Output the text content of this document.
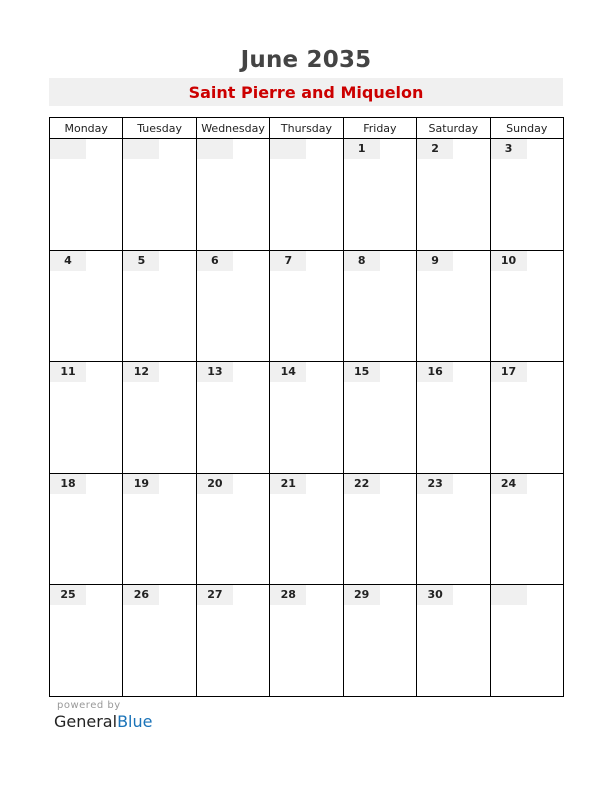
June 2035
Saint Pierre and Miquelon
Monday	Tuesday	Wednesday	Thursday	Friday	Saturday	Sunday

				1	2	3

4	5	6	7	8	9	10

11	12	13	14	15	16	17

18	19	20	21	22	23	24

25	26	27	28	29	30	

powered by
GeneralBlue
